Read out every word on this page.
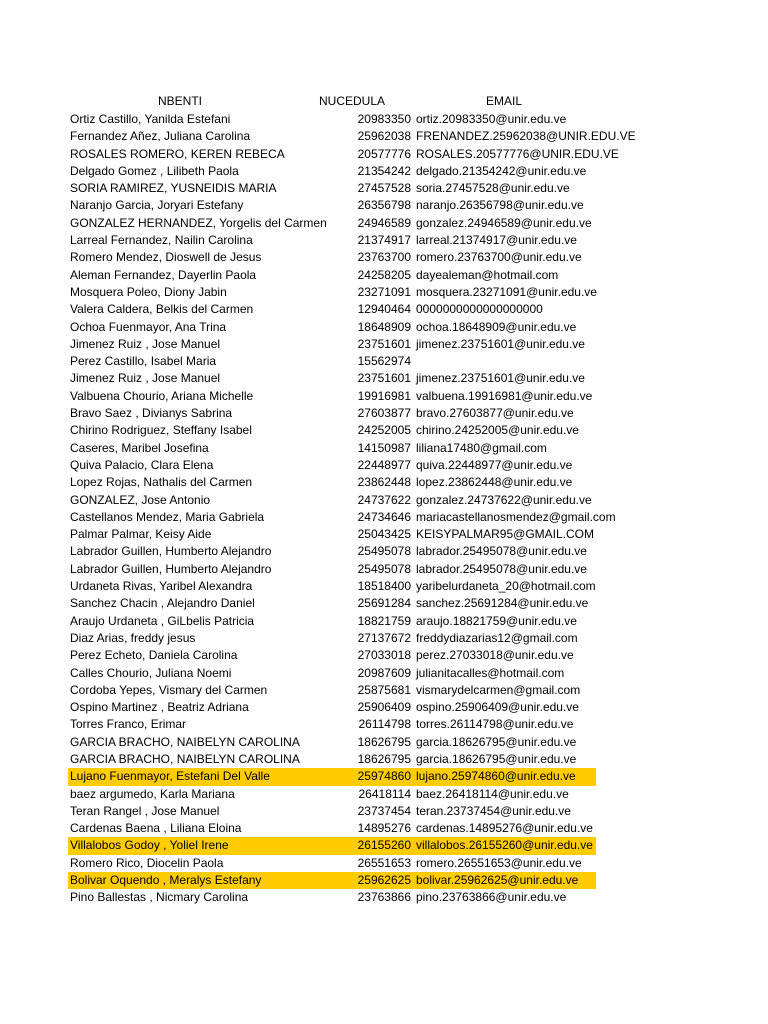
NBENTI	NUCEDULA	EMAIL
Ortiz Castillo, Yanilda Estefani	20983350 ortiz.20983350@unir.edu.ve
Fernandez Añez, Juliana Carolina	25962038 FRENANDEZ.25962038@UNIR.EDU.VE
ROSALES ROMERO, KEREN REBECA	20577776 ROSALES.20577776@UNIR.EDU.VE
Delgado Gomez , Lilibeth Paola	21354242 delgado.21354242@unir.edu.ve
SORIA RAMIREZ, YUSNEIDIS MARIA	27457528 soria.27457528@unir.edu.ve
Naranjo Garcia, Joryari Estefany	26356798 naranjo.26356798@unir.edu.ve
GONZALEZ HERNANDEZ, Yorgelis del Carmen	24946589 gonzalez.24946589@unir.edu.ve
Larreal Fernandez, Nailin Carolina	21374917 larreal.21374917@unir.edu.ve
Romero Mendez, Dioswell de Jesus	23763700 romero.23763700@unir.edu.ve
Aleman Fernandez, Dayerlin Paola	24258205 dayealeman@hotmail.com
Mosquera Poleo, Diony Jabin	23271091 mosquera.23271091@unir.edu.ve
Valera Caldera, Belkis del Carmen	12940464 0000000000000000000
Ochoa Fuenmayor, Ana Trina	18648909 ochoa.18648909@unir.edu.ve
Jimenez Ruiz , Jose Manuel	23751601 jimenez.23751601@unir.edu.ve
Perez Castillo, Isabel Maria	15562974
Jimenez Ruiz , Jose Manuel	23751601 jimenez.23751601@unir.edu.ve
Valbuena Chourio, Ariana Michelle	19916981 valbuena.19916981@unir.edu.ve
Bravo Saez , Divianys Sabrina	27603877 bravo.27603877@unir.edu.ve
Chirino Rodriguez, Steffany Isabel	24252005 chirino.24252005@unir.edu.ve
Caseres, Maribel Josefina	14150987 liliana17480@gmail.com
Quiva Palacio, Clara Elena	22448977 quiva.22448977@unir.edu.ve
Lopez Rojas, Nathalis del Carmen	23862448 lopez.23862448@unir.edu.ve
GONZALEZ, Jose Antonio	24737622 gonzalez.24737622@unir.edu.ve
Castellanos Mendez, Maria Gabriela	24734646 mariacastellanosmendez@gmail.com
Palmar Palmar, Keisy Aide	25043425 KEISYPALMAR95@GMAIL.COM
Labrador Guillen, Humberto Alejandro	25495078 labrador.25495078@unir.edu.ve
Labrador Guillen, Humberto Alejandro	25495078 labrador.25495078@unir.edu.ve
Urdaneta Rivas, Yaribel Alexandra	18518400 yaribelurdaneta_20@hotmail.com
Sanchez Chacin , Alejandro Daniel	25691284 sanchez.25691284@unir.edu.ve
Araujo Urdaneta , GiLbelis Patricia	18821759 araujo.18821759@unir.edu.ve
Diaz Arias, freddy jesus	27137672 freddydiazarias12@gmail.com
Perez Echeto, Daniela Carolina	27033018 perez.27033018@unir.edu.ve
Calles Chourio, Juliana Noemi	20987609 julianitacalles@hotmail.com
Cordoba Yepes, Vismary del Carmen	25875681 vismarydelcarmen@gmail.com
Ospino Martinez , Beatriz Adriana	25906409 ospino.25906409@unir.edu.ve
Torres Franco, Erimar	26114798 torres.26114798@unir.edu.ve
GARCIA BRACHO, NAIBELYN CAROLINA	18626795 garcia.18626795@unir.edu.ve
GARCIA BRACHO, NAIBELYN CAROLINA	18626795 garcia.18626795@unir.edu.ve
Lujano Fuenmayor, Estefani Del Valle	25974860 lujano.25974860@unir.edu.ve
baez argumedo, Karla Mariana	26418114 baez.26418114@unir.edu.ve
Teran Rangel , Jose Manuel	23737454 teran.23737454@unir.edu.ve
Cardenas Baena , Liliana Eloina	14895276 cardenas.14895276@unir.edu.ve
Villalobos Godoy , Yoliel Irene	26155260 villalobos.26155260@unir.edu.ve
Romero Rico, Diocelin Paola	26551653 romero.26551653@unir.edu.ve
Bolivar Oquendo , Meralys Estefany	25962625 bolivar.25962625@unir.edu.ve
Pino Ballestas , Nicmary Carolina	23763866 pino.23763866@unir.edu.ve
